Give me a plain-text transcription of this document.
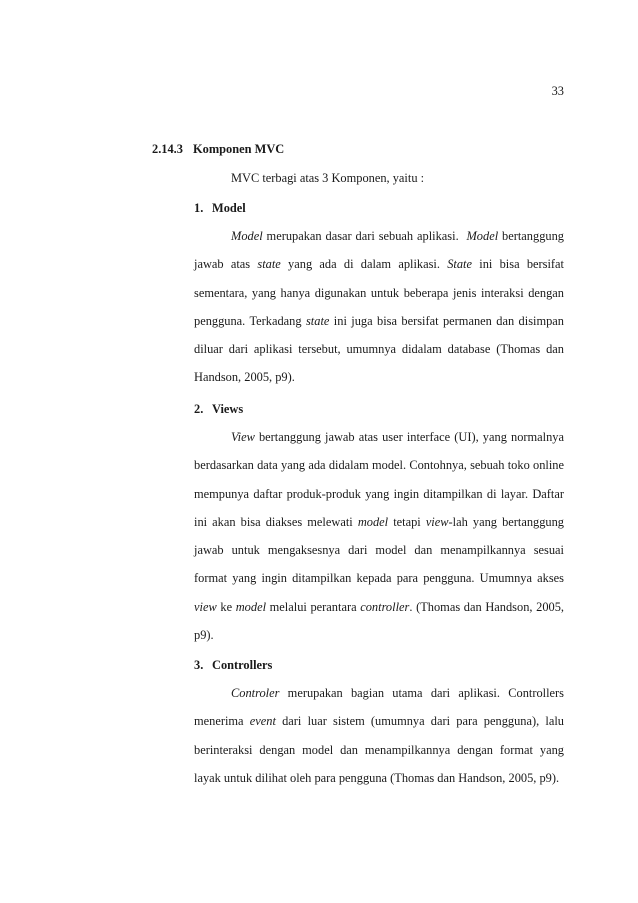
33
2.14.3 Komponen MVC

MVC terbagi atas 3 Komponen, yaitu :

1. Model

Model merupakan dasar dari sebuah aplikasi.  Model bertanggung jawab atas state yang ada di dalam aplikasi. State ini bisa bersifat sementara, yang hanya digunakan untuk beberapa jenis interaksi dengan pengguna. Terkadang state ini juga bisa bersifat permanen dan disimpan diluar dari aplikasi tersebut, umumnya didalam database (Thomas dan Handson, 2005, p9).

2. Views

View bertanggung jawab atas user interface (UI), yang normalnya berdasarkan data yang ada didalam model. Contohnya, sebuah toko online mempunya daftar produk-produk yang ingin ditampilkan di layar. Daftar ini akan bisa diakses melewati model tetapi view-lah yang bertanggung jawab untuk mengaksesnya dari model dan menampilkannya sesuai format yang ingin ditampilkan kepada para pengguna. Umumnya akses view ke model melalui perantara controller. (Thomas dan Handson, 2005, p9).

3. Controllers

Controler merupakan bagian utama dari aplikasi. Controllers menerima event dari luar sistem (umumnya dari para pengguna), lalu berinteraksi dengan model dan menampilkannya dengan format yang layak untuk dilihat oleh para pengguna (Thomas dan Handson, 2005, p9).
